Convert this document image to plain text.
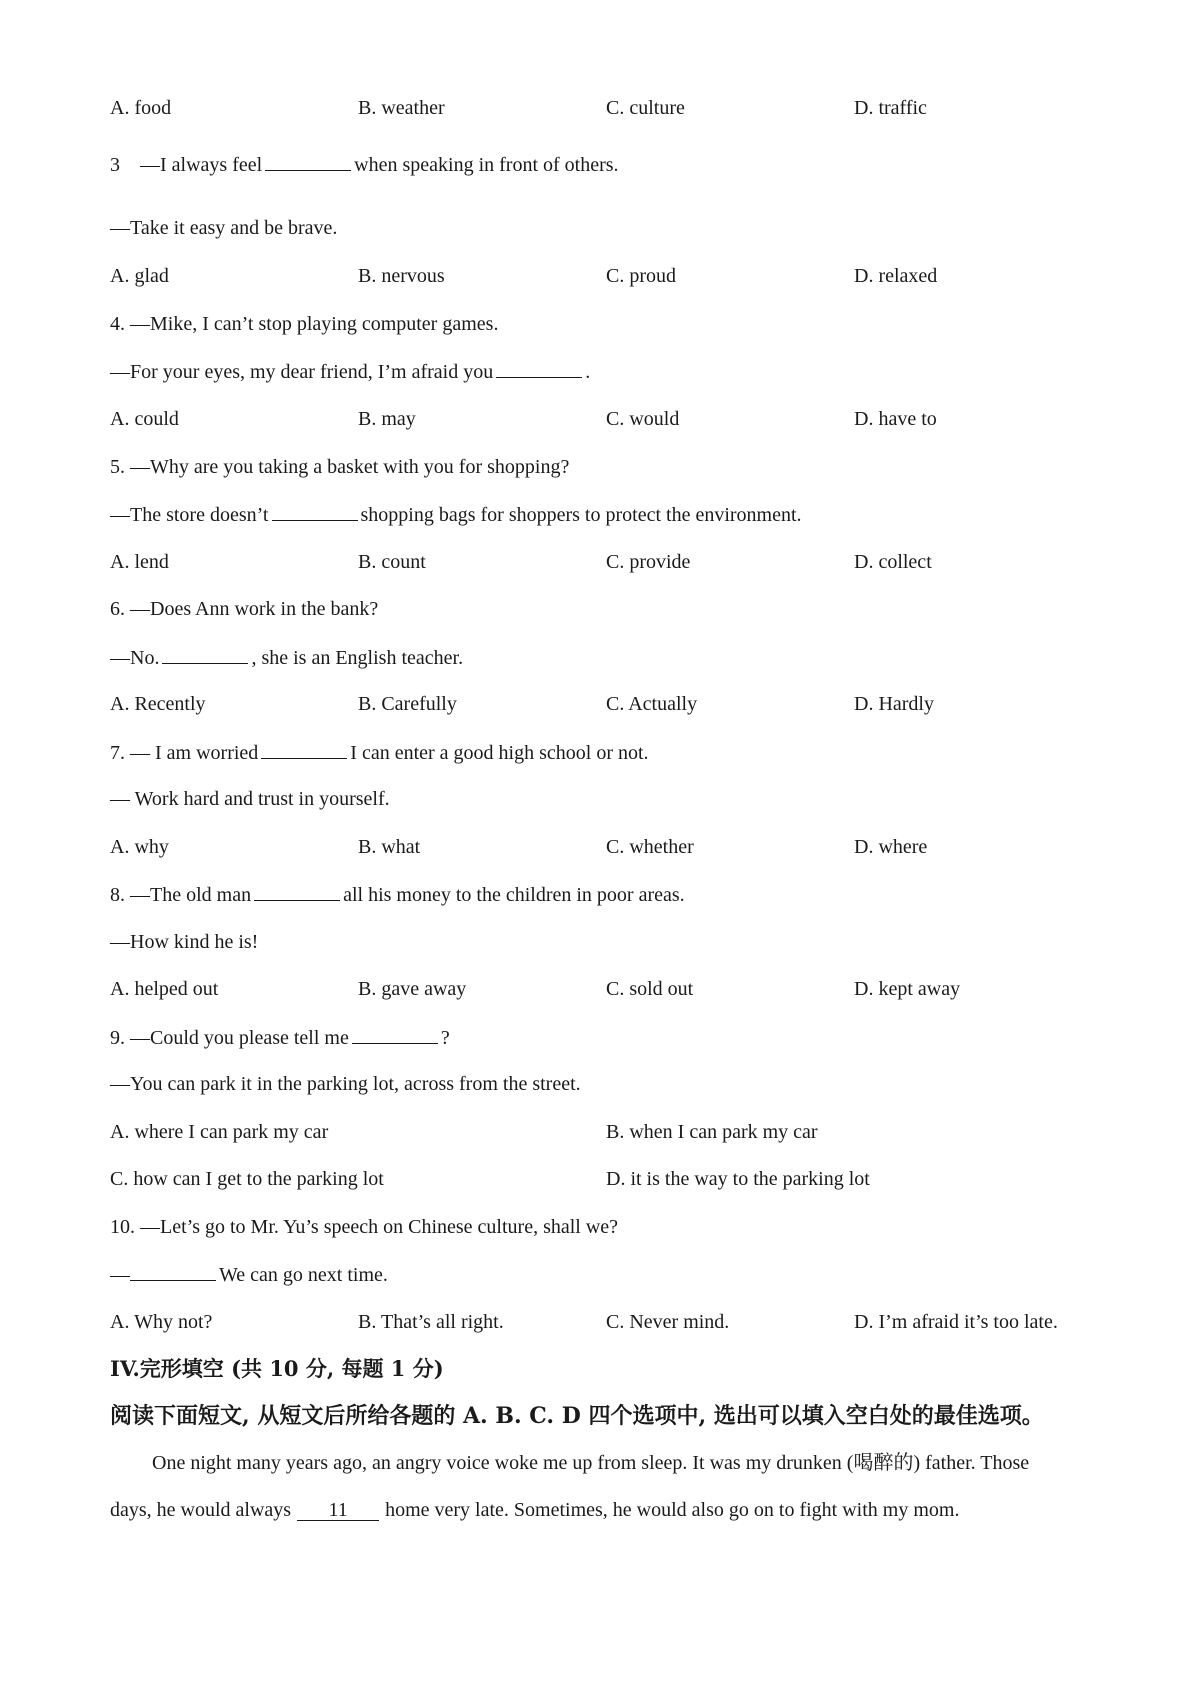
A. food	B. weather	C. culture	D. traffic
3　—I always feel	when speaking in front of others.
—Take it easy and be brave.
A. glad	B. nervous	C. proud	D. relaxed
4. —Mike, I can’t stop playing computer games.
—For your eyes, my dear friend, I’m afraid you	.
A. could	B. may	C. would	D. have to
5. —Why are you taking a basket with you for shopping?
—The store doesn’t	shopping bags for shoppers to protect the environment.
A. lend	B. count	C. provide	D. collect
6. —Does Ann work in the bank?
—No.	, she is an English teacher.
A. Recently	B. Carefully	C. Actually	D. Hardly
7. — I am worried	I can enter a good high school or not.
— Work hard and trust in yourself.
A. why	B. what	C. whether	D. where
8. —The old man	all his money to the children in poor areas.
—How kind he is!
A. helped out	B. gave away	C. sold out	D. kept away
9. —Could you please tell me	?
—You can park it in the parking lot, across from the street.
A. where I can park my car	B. when I can park my car
C. how can I get to the parking lot	D. it is the way to the parking lot
10. —Let’s go to Mr. Yu’s speech on Chinese culture, shall we?
—	We can go next time.
A. Why not?	B. That’s all right.	C. Never mind.	D. I’m afraid it’s too late.
IV.完形填空 (共 10 分, 每题 1 分)
阅读下面短文, 从短文后所给各题的 A. B. C. D 四个选项中, 选出可以填入空白处的最佳选项。
One night many years ago, an angry voice woke me up from sleep. It was my drunken (喝醉的) father. Those
days, he would always 11 home very late. Sometimes, he would also go on to fight with my mom.
